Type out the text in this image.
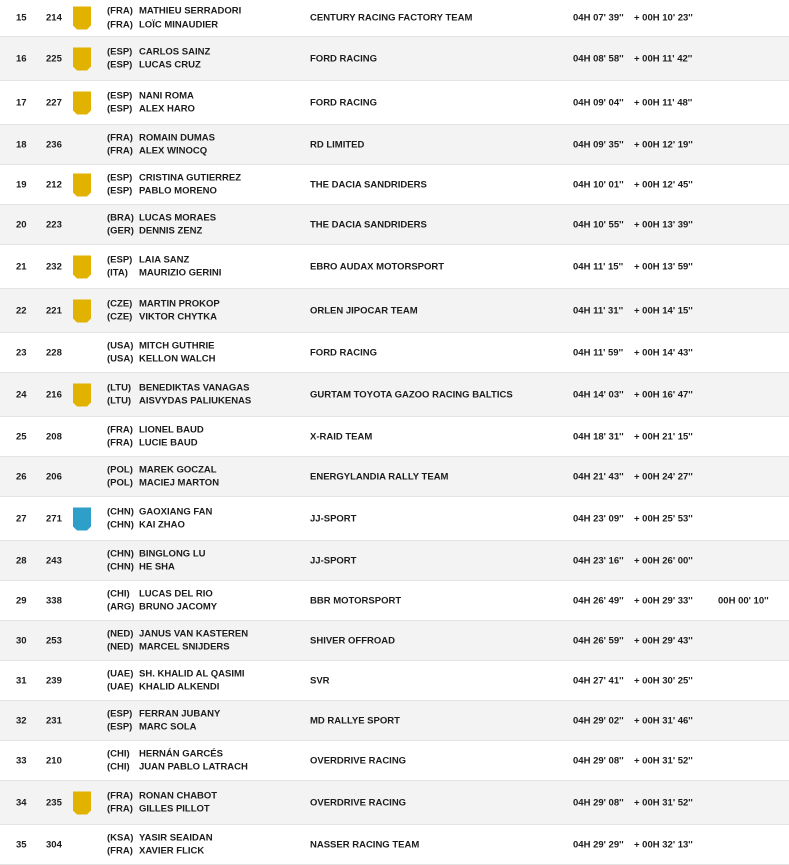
15 214
(FRA) MATHIEU SERRADORI
(FRA) LOÏC MINAUDIER
CENTURY RACING FACTORY TEAM	04H 07' 39'' + 00H 10' 23''
16 225
(ESP) CARLOS SAINZ
(ESP) LUCAS CRUZ
FORD RACING	04H 08' 58'' + 00H 11' 42''
17 227
(ESP) NANI ROMA
(ESP) ALEX HARO
FORD RACING	04H 09' 04'' + 00H 11' 48''
18 236
(FRA) ROMAIN DUMAS
(FRA) ALEX WINOCQ
RD LIMITED	04H 09' 35'' + 00H 12' 19''
19 212
(ESP) CRISTINA GUTIERREZ
(ESP) PABLO MORENO
THE DACIA SANDRIDERS	04H 10' 01'' + 00H 12' 45''
20 223
(BRA) LUCAS MORAES
(GER) DENNIS ZENZ
THE DACIA SANDRIDERS	04H 10' 55'' + 00H 13' 39''
21 232
(ESP) LAIA SANZ
(ITA) MAURIZIO GERINI
EBRO AUDAX MOTORSPORT	04H 11' 15'' + 00H 13' 59''
22 221
(CZE) MARTIN PROKOP
(CZE) VIKTOR CHYTKA
ORLEN JIPOCAR TEAM	04H 11' 31'' + 00H 14' 15''
23 228
(USA) MITCH GUTHRIE
(USA) KELLON WALCH
FORD RACING	04H 11' 59'' + 00H 14' 43''
24 216
(LTU) BENEDIKTAS VANAGAS
(LTU) AISVYDAS PALIUKENAS
GURTAM TOYOTA GAZOO RACING BALTICS	04H 14' 03'' + 00H 16' 47''
25 208
(FRA) LIONEL BAUD
(FRA) LUCIE BAUD
X-RAID TEAM	04H 18' 31'' + 00H 21' 15''
26 206
(POL) MAREK GOCZAL
(POL) MACIEJ MARTON
ENERGYLANDIA RALLY TEAM	04H 21' 43'' + 00H 24' 27''
27 271
(CHN) GAOXIANG FAN
(CHN) KAI ZHAO
JJ-SPORT	04H 23' 09'' + 00H 25' 53''
28 243
(CHN) BINGLONG LU
(CHN) HE SHA
JJ-SPORT	04H 23' 16'' + 00H 26' 00''
29 338
(CHI) LUCAS DEL RIO
(ARG) BRUNO JACOMY
BBR MOTORSPORT	04H 26' 49'' + 00H 29' 33''	00H 00' 10''
30 253
(NED) JANUS VAN KASTEREN
(NED) MARCEL SNIJDERS
SHIVER OFFROAD	04H 26' 59'' + 00H 29' 43''
31 239
(UAE) SH. KHALID AL QASIMI
(UAE) KHALID ALKENDI
SVR	04H 27' 41'' + 00H 30' 25''
32 231
(ESP) FERRAN JUBANY
(ESP) MARC SOLA
MD RALLYE SPORT	04H 29' 02'' + 00H 31' 46''
33 210
(CHI) HERNÁN GARCÉS
(CHI) JUAN PABLO LATRACH
OVERDRIVE RACING	04H 29' 08'' + 00H 31' 52''
34 235
(FRA) RONAN CHABOT
(FRA) GILLES PILLOT
OVERDRIVE RACING	04H 29' 08'' + 00H 31' 52''
35 304
(KSA) YASIR SEAIDAN
(FRA) XAVIER FLICK
NASSER RACING TEAM	04H 29' 29'' + 00H 32' 13''
